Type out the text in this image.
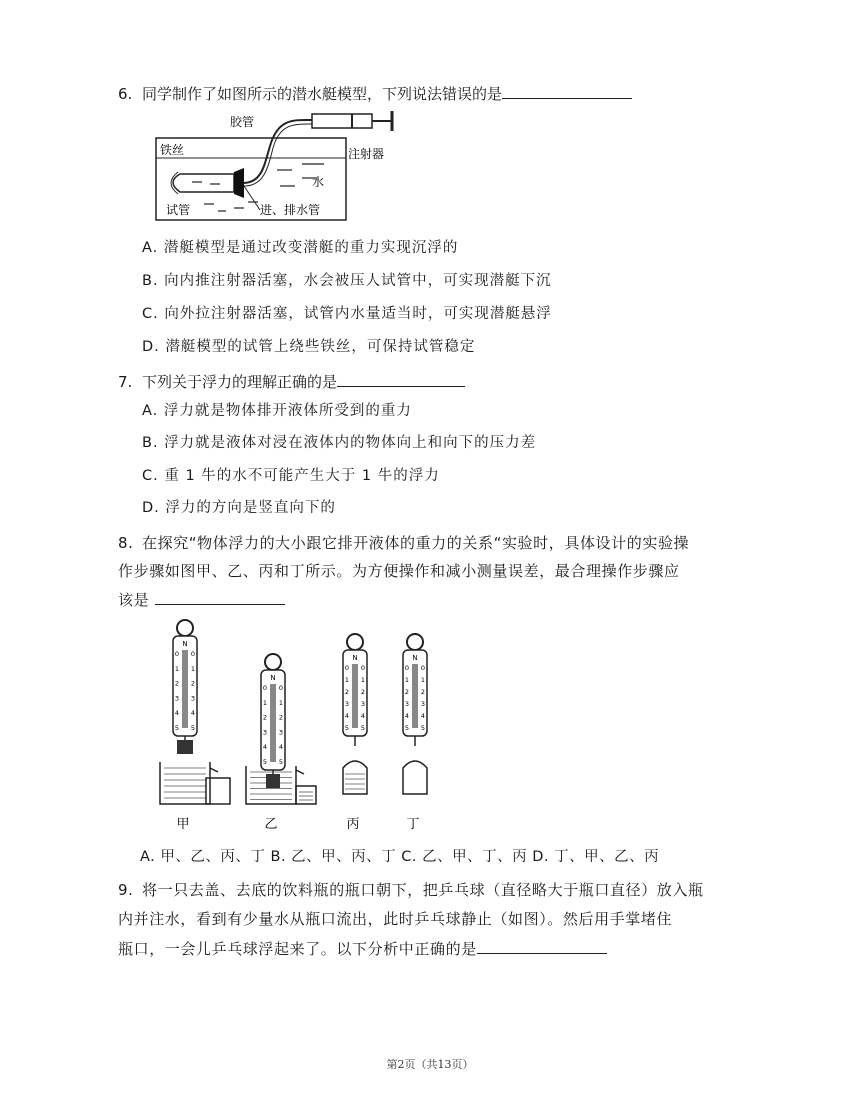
6. 同学制作了如图所示的潜水艇模型，下列说法错误的是
胶管
注射器
铁丝
水
试管	进、排水管
A. 潜艇模型是通过改变潜艇的重力实现沉浮的
B. 向内推注射器活塞，水会被压人试管中，可实现潜艇下沉
C. 向外拉注射器活塞，试管内水量适当时，可实现潜艇悬浮
D. 潜艇模型的试管上绕些铁丝，可保持试管稳定
7. 下列关于浮力的理解正确的是
A. 浮力就是物体排开液体所受到的重力
B. 浮力就是液体对浸在液体内的物体向上和向下的压力差
C. 重 1 牛的水不可能产生大于 1 牛的浮力
D. 浮力的方向是竖直向下的
8. 在探究“物体浮力的大小跟它排开液体的重力的关系“实验时，具体设计的实验操
作步骤如图甲、乙、丙和丁所示。为方便操作和减小测量误差，最合理操作步骤应
该是
N
0 0
1 1
2 2
3 3
4 4
5 5
甲
N
0 0
1 1
2 2
3 3
4 4
5 5
乙
N
0 0
1 1
2 2
3 3
4 4
5 5
丙
N
0 0
1 1
2 2
3 3
4 4
5 5
丁
A. 甲、乙、丙、丁 B. 乙、甲、丙、丁 C. 乙、甲、丁、丙 D. 丁、甲、乙、丙
9. 将一只去盖、去底的饮料瓶的瓶口朝下，把乒乓球（直径略大于瓶口直径）放入瓶
内并注水，看到有少量水从瓶口流出，此时乒乓球静止（如图）。然后用手掌堵住
瓶口，一会儿乒乓球浮起来了。以下分析中正确的是
第2页（共13页）
